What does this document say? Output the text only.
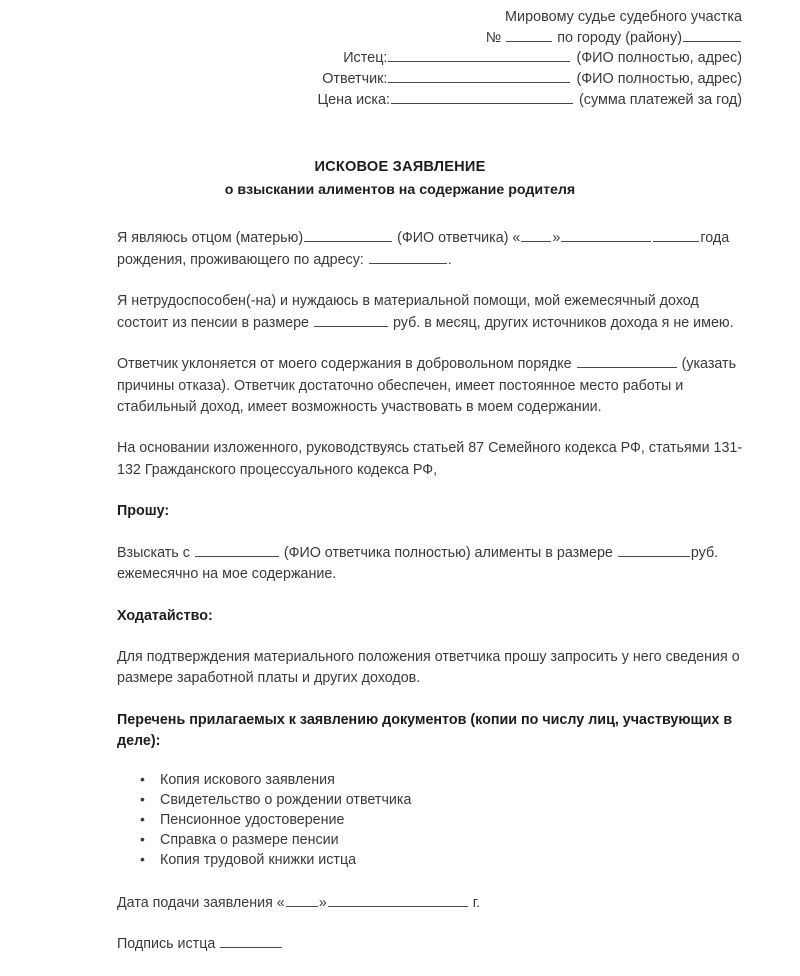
Мировому судье судебного участка
№	по городу (району)
Истец:	(ФИО полностью, адрес)
Ответчик:	(ФИО полностью, адрес)
Цена иска:	(сумма платежей за год)
ИСКОВОЕ ЗАЯВЛЕНИЕ
о взыскании алиментов на содержание родителя

Я являюсь отцом (матерью)	(ФИО ответчика) « »	года рождения, проживающего по адресу:	.

Я нетрудоспособен(-на) и нуждаюсь в материальной помощи, мой ежемесячный доход состоит из пенсии в размере	руб. в месяц, других источников дохода я не имею.

Ответчик уклоняется от моего содержания в добровольном порядке	(указать причины отказа). Ответчик достаточно обеспечен, имеет постоянное место работы и стабильный доход, имеет возможность участвовать в моем содержании.

На основании изложенного, руководствуясь статьей 87 Семейного кодекса РФ, статьями 131-132 Гражданского процессуального кодекса РФ,

Прошу:

Взыскать с	(ФИО ответчика полностью) алименты в размере	руб. ежемесячно на мое содержание.

Ходатайство:

Для подтверждения материального положения ответчика прошу запросить у него сведения о размере заработной платы и других доходов.

Перечень прилагаемых к заявлению документов (копии по числу лиц, участвующих в деле):

• Копия искового заявления
• Свидетельство о рождении ответчика
• Пенсионное удостоверение
• Справка о размере пенсии
• Копия трудовой книжки истца

Дата подачи заявления « »	г.

Подпись истца
